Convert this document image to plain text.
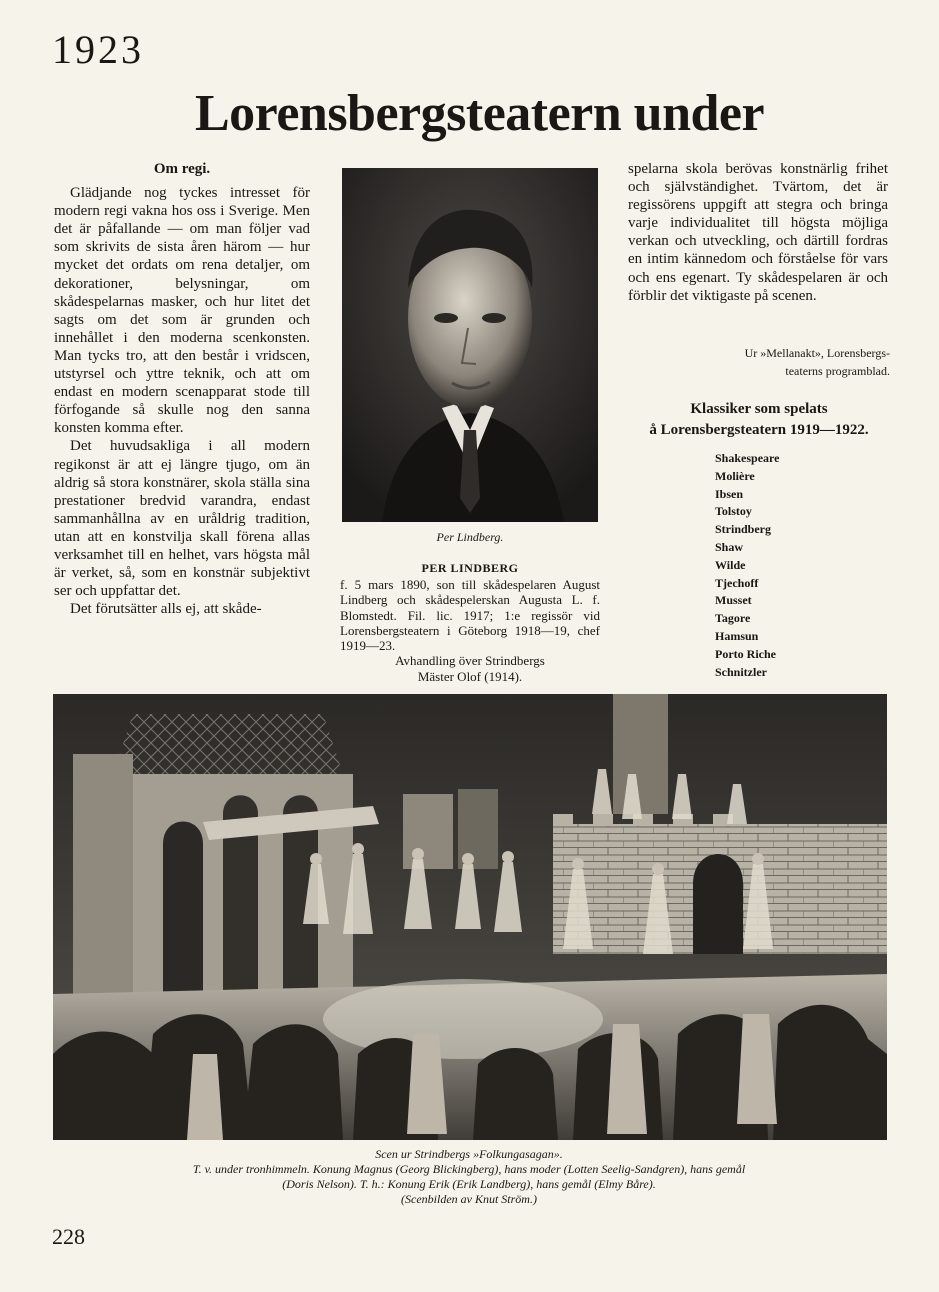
1923
Lorensbergsteatern under
Om regi.

Glädjande nog tyckes intresset för modern regi vakna hos oss i Sverige. Men det är påfallande — om man följer vad som skrivits de sista åren härom — hur mycket det ordats om rena detaljer, om dekorationer, belysningar, om skådespelarnas masker, och hur litet det sagts om det som är grunden och innehållet i den moderna scenkonsten. Man tycks tro, att den består i vridscen, utstyrsel och yttre teknik, och att om endast en modern scenapparat stode till förfogande så skulle nog den sanna konsten komma efter.

Det huvudsakliga i all modern regikonst är att ej längre tjugo, om än aldrig så stora konstnärer, skola ställa sina prestationer bredvid varandra, endast sammanhållna av en uråldrig tradition, utan att en konstvilja skall förena allas verksamhet till en helhet, vars högsta mål är verket, så, som en konstnär subjektivt ser och uppfattar det.

Det förutsätter alls ej, att skåde-

Per Lindberg.
PER LINDBERG
f. 5 mars 1890, son till skådespelaren August Lindberg och skådespelerskan Augusta L. f. Blomstedt. Fil. lic. 1917; 1:e regissör vid Lorensbergsteatern i Göteborg 1918—19, chef 1919—23.
Avhandling över Strindbergs
Mäster Olof (1914).
spelarna skola berövas konstnärlig frihet och självständighet. Tvärtom, det är regissörens uppgift att stegra och bringa varje individualitet till högsta möjliga verkan och utveckling, och därtill fordras en intim kännedom och förståelse för vars och ens egenart. Ty skådespelaren är och förblir det viktigaste på scenen.
Ur »Mellanakt», Lorensbergs-
teaterns programblad.
Klassiker som spelats
å Lorensbergsteatern 1919—1922.
Shakespeare
Molière
Ibsen
Tolstoy
Strindberg
Shaw
Wilde
Tjechoff
Musset
Tagore
Hamsun
Porto Riche
Schnitzler
Scen ur Strindbergs »Folkungasagan».
T. v. under tronhimmeln. Konung Magnus (Georg Blickingberg), hans moder (Lotten Seelig-Sandgren), hans gemål
(Doris Nelson). T. h.: Konung Erik (Erik Landberg), hans gemål (Elmy Båre).
(Scenbilden av Knut Ström.)
228
